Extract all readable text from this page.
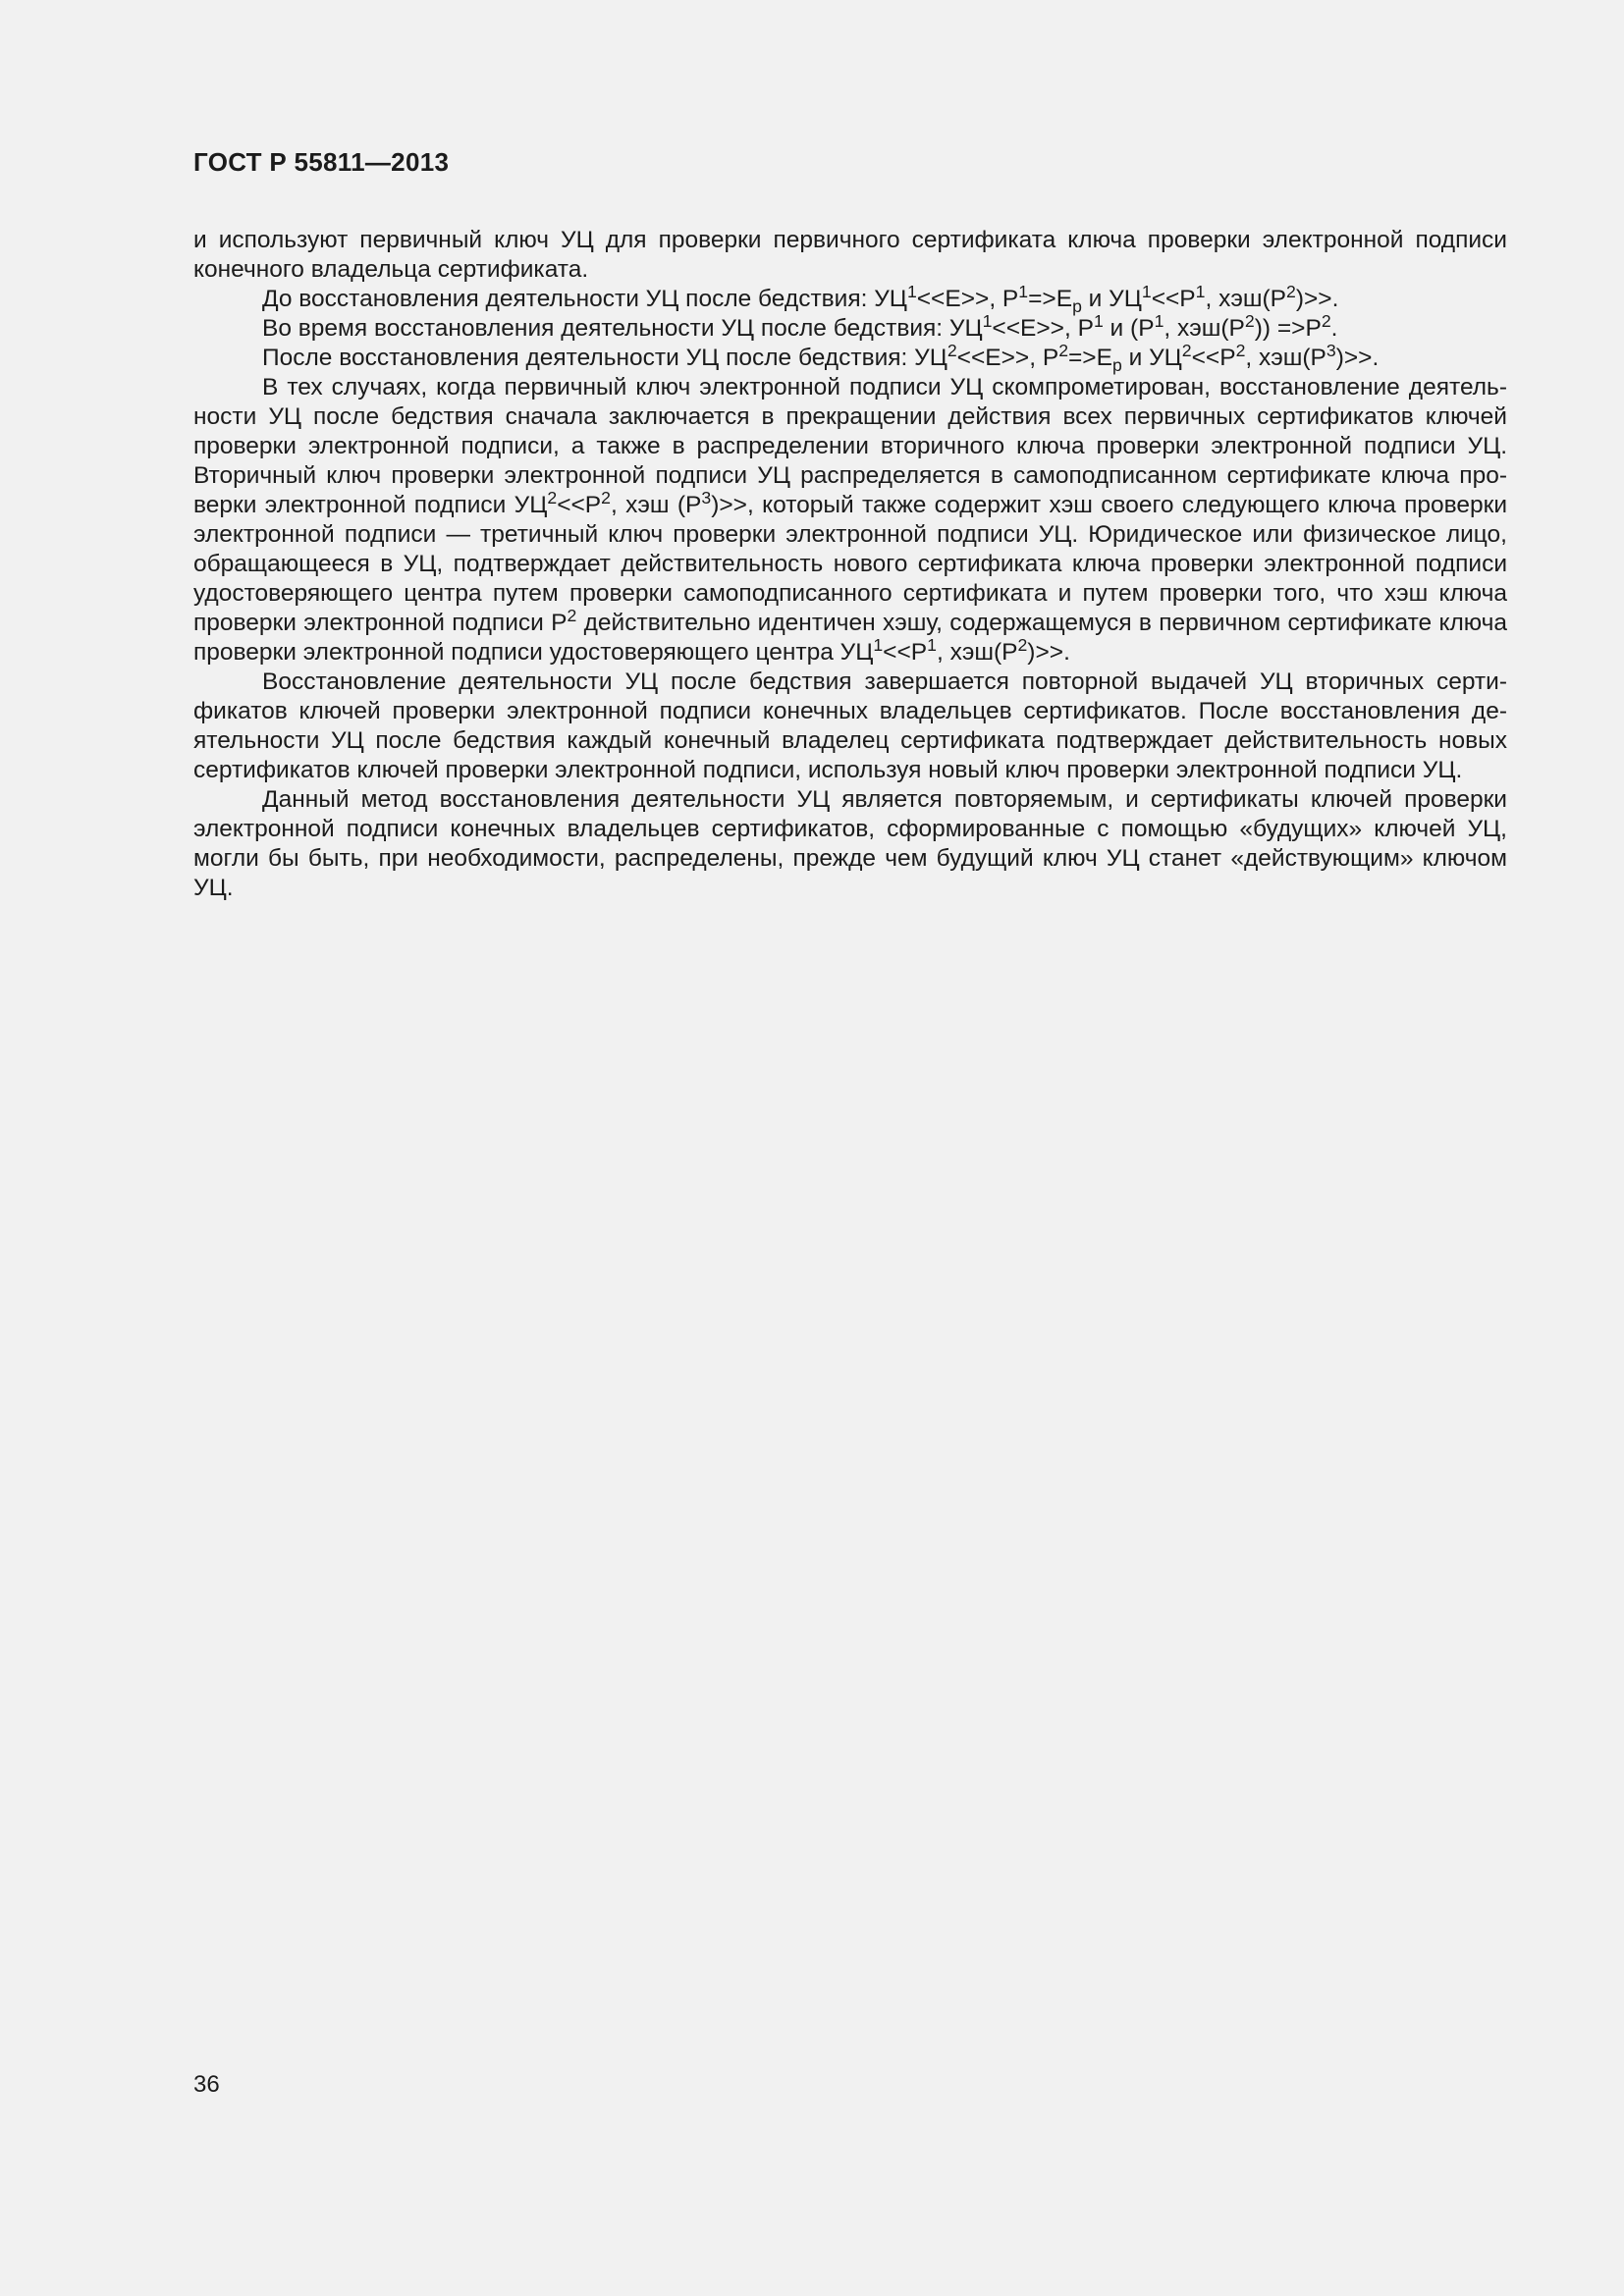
ГОСТ Р 55811—2013

и используют первичный ключ УЦ для проверки первичного сертификата ключа проверки электронной подписи конечного владельца сертификата.

До восстановления деятельности УЦ после бедствия: $УЦ^1<<Е>>$, $Р^1=>Е_р$ и $УЦ^1<<Р^1$, $хэш(Р^2)>>$.

Во время восстановления деятельности УЦ после бедствия: $УЦ^1<<Е>>$, $Р^1$ и ($Р^1$, $хэш(Р^2)) =>Р^2$.

После восстановления деятельности УЦ после бедствия: $УЦ^2<<Е>>$, $Р^2=>Е_р$ и $УЦ^2<<Р^2$, $хэш(Р^3)>>$.

В тех случаях, когда первичный ключ электронной подписи УЦ скомпрометирован, восстановление деятельности УЦ после бедствия сначала заключается в прекращении действия всех первичных сертификатов ключей проверки электронной подписи, а также в распределении вторичного ключа проверки электронной подписи УЦ. Вторичный ключ проверки электронной подписи УЦ распределяется в самоподписанном сертификате ключа проверки электронной подписи $УЦ^2<<Р^2$, хэш $(Р^3)>>$, который также содержит хэш своего следующего ключа проверки электронной подписи — третичный ключ проверки электронной подписи УЦ. Юридическое или физическое лицо, обращающееся в УЦ, подтверждает действительность нового сертификата ключа проверки электронной подписи удостоверяющего центра путем проверки самоподписанного сертификата и путем проверки того, что хэш ключа проверки электронной подписи $Р^2$ действительно идентичен хэшу, содержащемуся в первичном сертификате ключа проверки электронной подписи удостоверяющего центра $УЦ^1<<Р^1$, $хэш(Р^2)>>$.

Восстановление деятельности УЦ после бедствия завершается повторной выдачей УЦ вторичных сертификатов ключей проверки электронной подписи конечных владельцев сертификатов. После восстановления деятельности УЦ после бедствия каждый конечный владелец сертификата подтверждает действительность новых сертификатов ключей проверки электронной подписи, используя новый ключ проверки электронной подписи УЦ.

Данный метод восстановления деятельности УЦ является повторяемым, и сертификаты ключей проверки электронной подписи конечных владельцев сертификатов, сформированные с помощью «будущих» ключей УЦ, могли бы быть, при необходимости, распределены, прежде чем будущий ключ УЦ станет «действующим» ключом УЦ.

36
